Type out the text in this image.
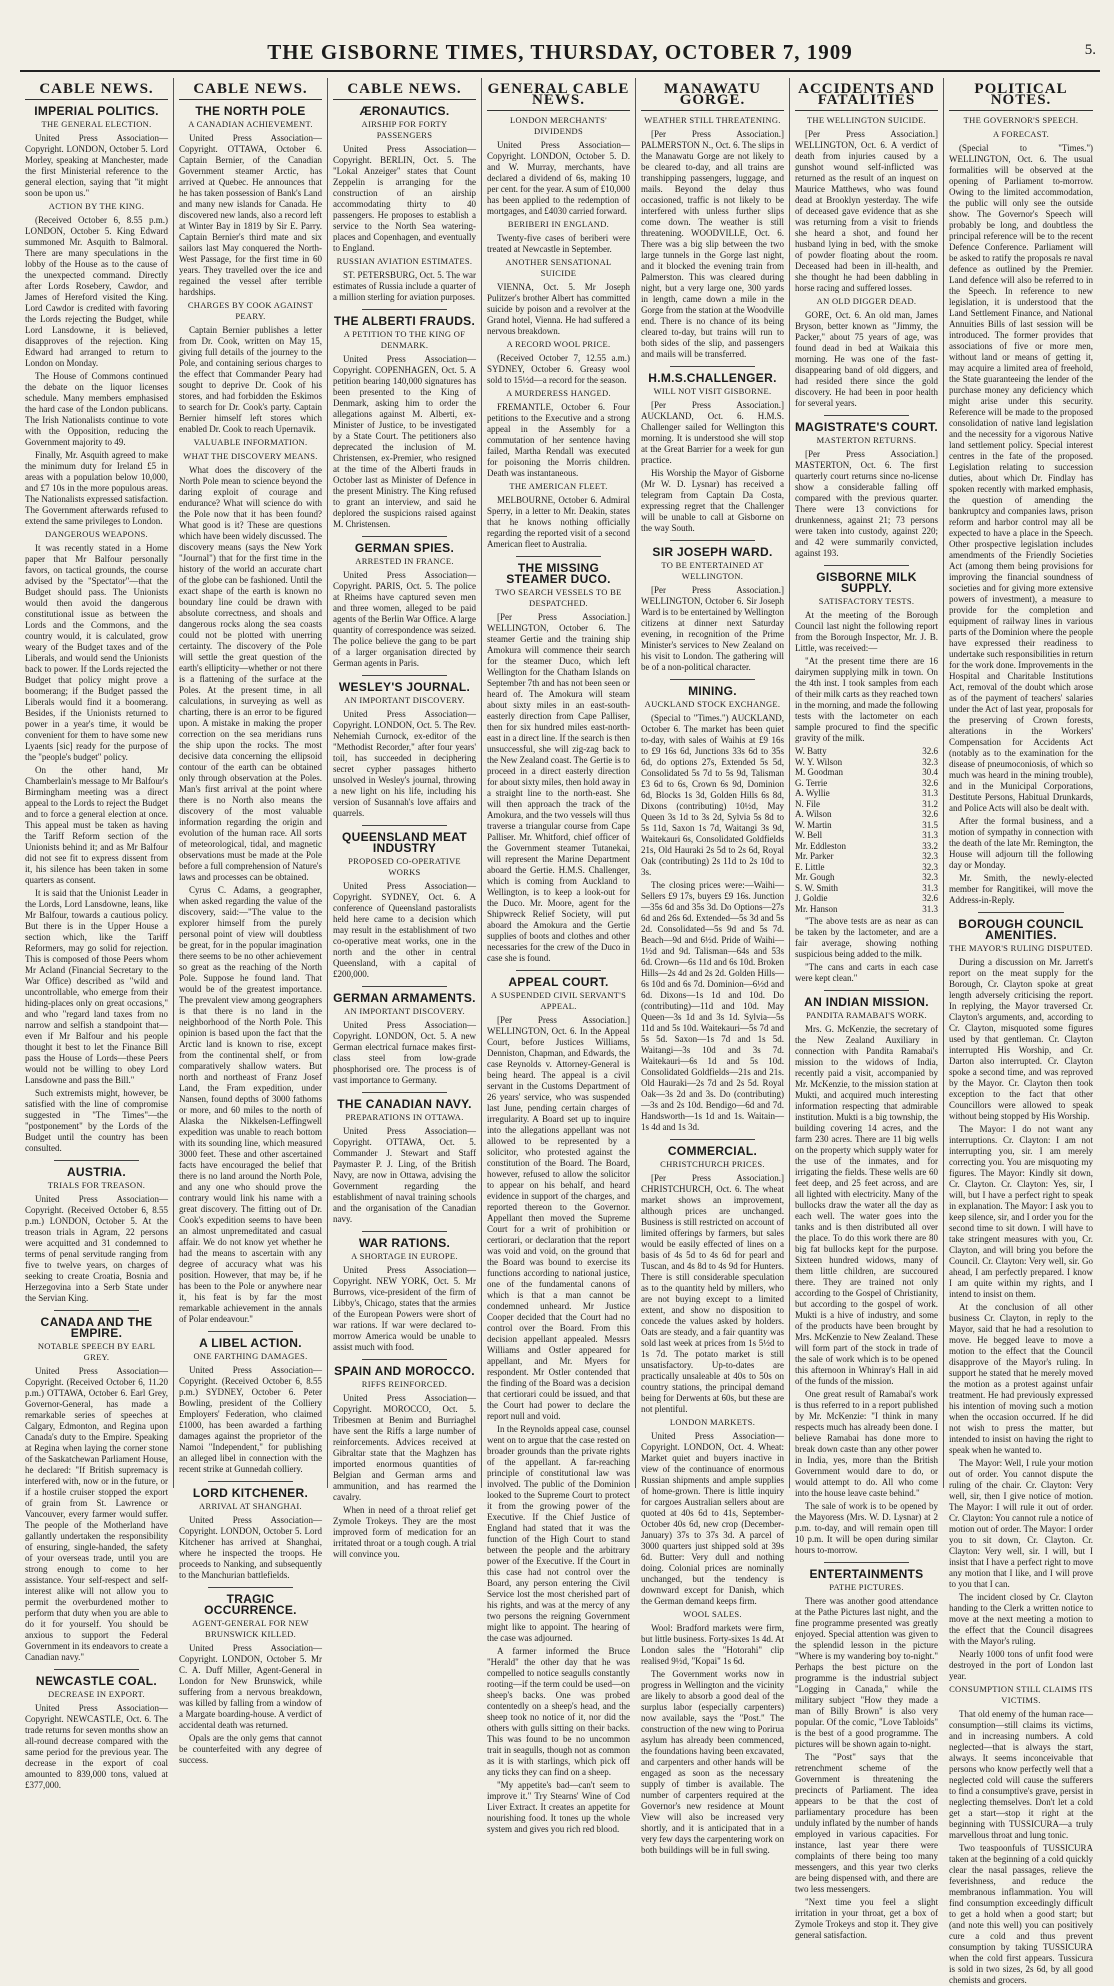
THE GISBORNE TIMES, THURSDAY, OCTOBER 7, 1909	5.
CABLE NEWS.
IMPERIAL POLITICS.
THE GENERAL ELECTION.
United Press Association—Copyright. LONDON, October 5. Lord Morley, speaking at Manchester, made the first Ministerial reference to the general election, saying that "it might soon be upon us."
ACTION BY THE KING.
(Received October 6, 8.55 p.m.) LONDON, October 5. King Edward summoned Mr. Asquith to Balmoral. There are many speculations in the lobby of the House as to the cause of the unexpected command. Directly after Lords Rosebery, Cawdor, and James of Hereford visited the King. Lord Cawdor is credited with favoring the Lords rejecting the Budget, while Lord Lansdowne, it is believed, disapproves of the rejection. King Edward had arranged to return to London on Monday.
The House of Commons continued the debate on the liquor licenses schedule. Many members emphasised the hard case of the London publicans. The Irish Nationalists continue to vote with the Opposition, reducing the Government majority to 49.
Finally, Mr. Asquith agreed to make the minimum duty for Ireland £5 in areas with a population below 10,000, and £7 10s in the more populous areas. The Nationalists expressed satisfaction. The Government afterwards refused to extend the same privileges to London.
DANGEROUS WEAPONS.
It was recently stated in a Home paper that Mr Balfour personally favors, on tactical grounds, the course advised by the "Spectator"—that the Budget should pass. The Unionists would then avoid the dangerous constitutional issue as between the Lords and the Commons, and the country would, it is calculated, grow weary of the Budget taxes and of the Liberals, and would send the Unionists back to power. If the Lords rejected the Budget that policy might prove a boomerang; if the Budget passed the Liberals would find it a boomerang. Besides, if the Unionists returned to power in a year's time, it would be convenient for them to have some new Lyaents [sic] ready for the purpose of the "people's budget" policy.
On the other hand, Mr Chamberlain's message to Mr Balfour's Birmingham meeting was a direct appeal to the Lords to reject the Budget and to force a general election at once. This appeal must be taken as having the Tariff Reform section of the Unionists behind it; and as Mr Balfour did not see fit to express dissent from it, his silence has been taken in some quarters as consent.
It is said that the Unionist Leader in the Lords, Lord Lansdowne, leans, like Mr Balfour, towards a cautious policy. But there is in the Upper House a section which, like the Tariff Reformers, may go solid for rejection. This is composed of those Peers whom Mr Acland (Financial Secretary to the War Office) described as "wild and uncontrollable, who emerge from their hiding-places only on great occasions," and who "regard land taxes from no narrow and selfish a standpoint that—even if Mr Balfour and his people thought it best to let the Finance Bill pass the House of Lords—these Peers would not be willing to obey Lord Lansdowne and pass the Bill."
Such extremists might, however, be satisfied with the line of compromise suggested in "The Times"—the "postponement" by the Lords of the Budget until the country has been consulted.
AUSTRIA.
TRIALS FOR TREASON.
United Press Association—Copyright. (Received October 6, 8.55 p.m.) LONDON, October 5. At the treason trials in Agram, 22 persons were acquitted and 31 condemned to terms of penal servitude ranging from five to twelve years, on charges of seeking to create Croatia, Bosnia and Herzegovina into a Serb State under the Servian King.
CANADA AND THE EMPIRE.
NOTABLE SPEECH BY EARL GREY.
United Press Association—Copyright. (Received October 6, 11.20 p.m.) OTTAWA, October 6. Earl Grey, Governor-General, has made a remarkable series of speeches at Calgary, Edmonton, and Regina upon Canada's duty to the Empire. Speaking at Regina when laying the corner stone of the Saskatchewan Parliament House, he declared: "If British supremacy is interfered with, now or in the future, or if a hostile cruiser stopped the export of grain from St. Lawrence or Vancouver, every farmer would suffer. The people of the Motherland have gallantly undertaken the responsibility of ensuring, single-handed, the safety of your overseas trade, until you are strong enough to come to her assistance. Your self-respect and self-interest alike will not allow you to permit the overburdened mother to perform that duty when you are able to do it for yourself. You should be anxious to support the Federal Government in its endeavors to create a Canadian navy."
NEWCASTLE COAL.
DECREASE IN EXPORT.
United Press Association—Copyright. NEWCASTLE, Oct. 6. The trade returns for seven months show an all-round decrease compared with the same period for the previous year. The decrease in the export of coal amounted to 839,000 tons, valued at £377,000.
CABLE NEWS.
THE NORTH POLE
A CANADIAN ACHIEVEMENT.
United Press Association—Copyright. OTTAWA, October 6. Captain Bernier, of the Canadian Government steamer Arctic, has arrived at Quebec. He announces that he has taken possession of Bank's Land and many new islands for Canada. He discovered new lands, also a record left at Winter Bay in 1819 by Sir E. Parry. Captain Bernier's third mate and six sailors last May conquered the North-West Passage, for the first time in 60 years. They travelled over the ice and regained the vessel after terrible hardships.
CHARGES BY COOK AGAINST PEARY.
Captain Bernier publishes a letter from Dr. Cook, written on May 15, giving full details of the journey to the Pole, and containing serious charges to the effect that Commander Peary had sought to deprive Dr. Cook of his stores, and had forbidden the Eskimos to search for Dr. Cook's party. Captain Bernier himself left stores which enabled Dr. Cook to reach Upernavik.
VALUABLE INFORMATION.
WHAT THE DISCOVERY MEANS.
What does the discovery of the North Pole mean to science beyond the daring exploit of courage and endurance? What will science do with the Pole now that it has been found? What good is it? These are questions which have been widely discussed. The discovery means (says the New York "Journal") that for the first time in the history of the world an accurate chart of the globe can be fashioned. Until the exact shape of the earth is known no boundary line could be drawn with absolute correctness, and shoals and dangerous rocks along the sea coasts could not be plotted with unerring certainty. The discovery of the Pole will settle the great question of the earth's ellipticity—whether or not there is a flattening of the surface at the Poles. At the present time, in all calculations, in surveying as well as charting, there is an error to be figured upon. A mistake in making the proper correction on the sea meridians runs the ship upon the rocks. The most decisive data concerning the ellipsoid contour of the earth can be obtained only through observation at the Poles. Man's first arrival at the point where there is no North also means the discovery of the most valuable information regarding the origin and evolution of the human race. All sorts of meteorological, tidal, and magnetic observations must be made at the Pole before a full comprehension of Nature's laws and processes can be obtained.
Cyrus C. Adams, a geographer, when asked regarding the value of the discovery, said:—"The value to the explorer himself from the purely personal point of view will doubtless be great, for in the popular imagination there seems to be no other achievement so great as the reaching of the North Pole. Suppose he found land. That would be of the greatest importance. The prevalent view among geographers is that there is no land in the neighborhood of the North Pole. This opinion is based upon the fact that the Arctic land is known to rise, except from the continental shelf, or from comparatively shallow waters. But north and northeast of Franz Josef Land, the Fram expedition, under Nansen, found depths of 3000 fathoms or more, and 60 miles to the north of Alaska the Nikkelsen-Leffingwell expedition was unable to reach bottom with its sounding line, which measured 3000 feet. These and other ascertained facts have encouraged the belief that there is no land around the North Pole, and any one who should prove the contrary would link his name with a great discovery. The fitting out of Dr. Cook's expedition seems to have been an almost unpremeditated and casual affair. We do not know yet whether he had the means to ascertain with any degree of accuracy what was his position. However, that may be, if he has been to the Pole or anywhere near it, his feat is by far the most remarkable achievement in the annals of Polar endeavour."
A LIBEL ACTION.
ONE FARTHING DAMAGES.
United Press Association—Copyright. (Received October 6, 8.55 p.m.) SYDNEY, October 6. Peter Bowling, president of the Colliery Employers' Federation, who claimed £1000, has been awarded a farthing damages against the proprietor of the Namoi "Independent," for publishing an alleged libel in connection with the recent strike at Gunnedah colliery.
LORD KITCHENER.
ARRIVAL AT SHANGHAI.
United Press Association—Copyright. LONDON, October 5. Lord Kitchener has arrived at Shanghai, where he inspected the troops. He proceeds to Nanking, and subsequently to the Manchurian battlefields.
TRAGIC OCCURRENCE.
AGENT-GENERAL FOR NEW BRUNSWICK KILLED.
United Press Association—Copyright. LONDON, October 5. Mr C. A. Duff Miller, Agent-General in London for New Brunswick, while suffering from a nervous breakdown, was killed by falling from a window of a Margate boarding-house. A verdict of accidental death was returned.
Opals are the only gems that cannot be counterfeited with any degree of success.
CABLE NEWS.
ÆRONAUTICS.
AIRSHIP FOR FORTY PASSENGERS
United Press Association—Copyright. BERLIN, Oct. 5. The "Lokal Anzeiger" states that Count Zeppelin is arranging for the construction of an airship accommodating thirty to 40 passengers. He proposes to establish a service to the North Sea watering-places and Copenhagen, and eventually to England.
RUSSIAN AVIATION ESTIMATES.
ST. PETERSBURG, Oct. 5. The war estimates of Russia include a quarter of a million sterling for aviation purposes.
THE ALBERTI FRAUDS.
A PETITION TO THE KING OF DENMARK.
United Press Association—Copyright. COPENHAGEN, Oct. 5. A petition bearing 140,000 signatures has been presented to the King of Denmark, asking him to order the allegations against M. Alberti, ex-Minister of Justice, to be investigated by a State Court. The petitioners also deprecated the inclusion of M. Christensen, ex-Premier, who resigned at the time of the Alberti frauds in October last as Minister of Defence in the present Ministry. The King refused to grant an interview, and said he deplored the suspicions raised against M. Christensen.
GERMAN SPIES.
ARRESTED IN FRANCE.
United Press Association—Copyright. PARIS, Oct. 5. The police at Rheims have captured seven men and three women, alleged to be paid agents of the Berlin War Office. A large quantity of correspondence was seized. The police believe the gang to be part of a larger organisation directed by German agents in Paris.
WESLEY'S JOURNAL.
AN IMPORTANT DISCOVERY.
United Press Association—Copyright. LONDON, Oct. 5. The Rev. Nehemiah Curnock, ex-editor of the "Methodist Recorder," after four years' toil, has succeeded in deciphering secret cypher passages hitherto unsolved in Wesley's journal, throwing a new light on his life, including his version of Susannah's love affairs and quarrels.
QUEENSLAND MEAT INDUSTRY
PROPOSED CO-OPERATIVE WORKS
United Press Association—Copyright. SYDNEY, Oct. 6. A conference of Queensland pastoralists held here came to a decision which may result in the establishment of two co-operative meat works, one in the north and the other in central Queensland, with a capital of £200,000.
GERMAN ARMAMENTS.
AN IMPORTANT DISCOVERY.
United Press Association—Copyright. LONDON, Oct. 5. A new German electrical furnace makes first-class steel from low-grade phosphorised ore. The process is of vast importance to Germany.
THE CANADIAN NAVY.
PREPARATIONS IN OTTAWA.
United Press Association—Copyright. OTTAWA, Oct. 5. Commander J. Stewart and Staff Paymaster P. J. Ling, of the British Navy, are now in Ottawa, advising the Government regarding the establishment of naval training schools and the organisation of the Canadian navy.
WAR RATIONS.
A SHORTAGE IN EUROPE.
United Press Association—Copyright. NEW YORK, Oct. 5. Mr Burrows, vice-president of the firm of Libby's, Chicago, states that the armies of the European Powers were short of war rations. If war were declared to-morrow America would be unable to assist much with food.
SPAIN AND MOROCCO.
RIFFS REINFORCED.
United Press Association—Copyright. MOROCCO, Oct. 5. Tribesmen at Benim and Burriaghel have sent the Riffs a large number of reinforcements. Advices received at Gibraltar state that the Maghzen has imported enormous quantities of Belgian and German arms and ammunition, and has rearmed the cavalry.
When in need of a throat relief get Zymole Trokeys. They are the most improved form of medication for an irritated throat or a tough cough. A trial will convince you.
GENERAL CABLE NEWS.
LONDON MERCHANTS' DIVIDENDS
United Press Association—Copyright. LONDON, October 5. D. and W. Murray, merchants, have declared a dividend of 6s, making 10 per cent. for the year. A sum of £10,000 has been applied to the redemption of mortgages, and £4030 carried forward.
BERIBERI IN ENGLAND.
Twenty-five cases of beriberi were treated at Newcastle in September.
ANOTHER SENSATIONAL SUICIDE
VIENNA, Oct. 5. Mr Joseph Pulitzer's brother Albert has committed suicide by poison and a revolver at the Grand hotel, Vienna. He had suffered a nervous breakdown.
A RECORD WOOL PRICE.
(Received October 7, 12.55 a.m.) SYDNEY, October 6. Greasy wool sold to 15½d—a record for the season.
A MURDERESS HANGED.
FREMANTLE, October 6. Four petitions to the Executive and a strong appeal in the Assembly for a commutation of her sentence having failed, Martha Rendall was executed for poisoning the Morris children. Death was instantaneous.
THE AMERICAN FLEET.
MELBOURNE, October 6. Admiral Sperry, in a letter to Mr. Deakin, states that he knows nothing officially regarding the reported visit of a second American fleet to Australia.
THE MISSING STEAMER DUCO.
TWO SEARCH VESSELS TO BE DESPATCHED.
[Per Press Association.] WELLINGTON, October 6. The steamer Gertie and the training ship Amokura will commence their search for the steamer Duco, which left Wellington for the Chatham Islands on September 7th and has not been seen or heard of. The Amokura will steam about sixty miles in an east-south-easterly direction from Cape Palliser, then for six hundred miles east-north-east in a direct line. If the search is then unsuccessful, she will zig-zag back to the New Zealand coast. The Gertie is to proceed in a direct easterly direction for about sixty miles, then hold away in a straight line to the north-east. She will then approach the track of the Amokura, and the two vessels will thus traverse a triangular course from Cape Palliser. Mr. Whitford, chief officer of the Government steamer Tutanekai, will represent the Marine Department aboard the Gertie. H.M.S. Challenger, which is coming from Auckland to Wellington, is to keep a look-out for the Duco. Mr. Moore, agent for the Shipwreck Relief Society, will put aboard the Amokura and the Gertie supplies of boots and clothes and other necessaries for the crew of the Duco in case she is found.
APPEAL COURT.
A SUSPENDED CIVIL SERVANT'S APPEAL.
[Per Press Association.] WELLINGTON, Oct. 6. In the Appeal Court, before Justices Williams, Denniston, Chapman, and Edwards, the case Reynolds v. Attorney-General is being heard. The appeal is a civil servant in the Customs Department of 26 years' service, who was suspended last June, pending certain charges of irregularity. A Board set up to inquire into the allegations appellant was not allowed to be represented by a solicitor, who protested against the constitution of the Board. The Board, however, refused to allow the solicitor to appear on his behalf, and heard evidence in support of the charges, and reported thereon to the Governor. Appellant then moved the Supreme Court for a writ of prohibition or certiorari, or declaration that the report was void and void, on the ground that the Board was bound to exercise its functions according to national justice, one of the fundamental canons of which is that a man cannot be condemned unheard. Mr Justice Cooper decided that the Court had no control over the Board. From this decision appellant appealed. Messrs Williams and Ostler appeared for appellant, and Mr. Myers for respondent. Mr Ostler contended that the finding of the Board was a decision that certiorari could be issued, and that the Court had power to declare the report null and void.
In the Reynolds appeal case, counsel went on to argue that the case rested on broader grounds than the private rights of the appellant. A far-reaching principle of constitutional law was involved. The public of the Dominion looked to the Supreme Court to protect it from the growing power of the Executive. If the Chief Justice of England had stated that it was the function of the High Court to stand between the people and the arbitrary power of the Executive. If the Court in this case had not control over the Board, any person entering the Civil Service lost the most cherished part of his rights, and was at the mercy of any two persons the reigning Government might like to appoint. The hearing of the case was adjourned.
A farmer informed the Bruce "Herald" the other day that he was compelled to notice seagulls constantly rooting—if the term could be used—on sheep's backs. One was probed contentedly on a sheep's head, and the sheep took no notice of it, nor did the others with gulls sitting on their backs. This was found to be no uncommon trait in seagulls, though not as common as it is with starlings, which pick off any ticks they can find on a sheep.
"My appetite's bad—can't seem to improve it." Try Stearns' Wine of Cod Liver Extract. It creates an appetite for nourishing food. It tones up the whole system and gives you rich red blood.
MANAWATU GORGE.
WEATHER STILL THREATENING.
[Per Press Association.] PALMERSTON N., Oct. 6. The slips in the Manawatu Gorge are not likely to be cleared to-day, and all trains are transhipping passengers, luggage, and mails. Beyond the delay thus occasioned, traffic is not likely to be interfered with unless further slips come down. The weather is still threatening. WOODVILLE, Oct. 6. There was a big slip between the two large tunnels in the Gorge last night, and it blocked the evening train from Palmerston. This was cleared during night, but a very large one, 300 yards in length, came down a mile in the Gorge from the station at the Woodville end. There is no chance of its being cleared to-day, but trains will run to both sides of the slip, and passengers and mails will be transferred.
H.M.S.CHALLENGER.
WILL NOT VISIT GISBORNE.
[Per Press Association.] AUCKLAND, Oct. 6. H.M.S. Challenger sailed for Wellington this morning. It is understood she will stop at the Great Barrier for a week for gun practice.
His Worship the Mayor of Gisborne (Mr W. D. Lysnar) has received a telegram from Captain Da Costa, expressing regret that the Challenger will be unable to call at Gisborne on the way South.
SIR JOSEPH WARD.
TO BE ENTERTAINED AT WELLINGTON.
[Per Press Association.] WELLINGTON, October 6. Sir Joseph Ward is to be entertained by Wellington citizens at dinner next Saturday evening, in recognition of the Prime Minister's services to New Zealand on his visit to London. The gathering will be of a non-political character.
MINING.
AUCKLAND STOCK EXCHANGE.
(Special to "Times.") AUCKLAND, October 6. The market has been quiet to-day, with sales of Waihis at £9 16s to £9 16s 6d, Junctions 33s 6d to 35s 6d, do options 27s, Extended 5s 5d, Consolidated 5s 7d to 5s 9d, Talisman £3 6d to 6s, Crown 6s 9d, Dominion 6d, Blocks 1s 3d, Golden Hills 6s 8d, Dixons (contributing) 10½d, May Queen 3s 1d to 3s 2d, Sylvia 5s 8d to 5s 11d, Saxon 1s 7d, Waitangi 3s 9d, Waitekauri 6s, Consolidated Goldfields 21s, Old Hauraki 2s 5d to 2s 6d, Royal Oak (contributing) 2s 11d to 2s 10d to 3s.
The closing prices were:—Waihi—Sellers £9 17s, buyers £9 16s. Junction—35s 6d and 35s 3d. Do Options—27s 6d and 26s 6d. Extended—5s 3d and 5s 2d. Consolidated—5s 9d and 5s 7d. Beach—9d and 6½d. Pride of Waihi—1½d and 9d. Talisman—64s and 53s 6d. Crown—6s 11d and 6s 10d. Broken Hills—2s 4d and 2s 2d. Golden Hills—6s 10d and 6s 7d. Dominion—6½d and 6d. Dixons—1s 1d and 10d. Do (contributing)—11d and 10d. May Queen—3s 1d and 3s 1d. Sylvia—5s 11d and 5s 10d. Waitekauri—5s 7d and 5s 5d. Saxon—1s 7d and 1s 5d. Waitangi—3s 10d and 3s 7d. Waitekauri—6s 1d and 5s 10d. Consolidated Goldfields—21s and 21s. Old Hauraki—2s 7d and 2s 5d. Royal Oak—3s 2d and 3s. Do (contributing)—3s and 2s 10d. Bendigo—6d and 7d. Handsworth—1s 1d and 1s. Waitain—1s 4d and 1s 3d.
COMMERCIAL.
CHRISTCHURCH PRICES.
[Per Press Association.] CHRISTCHURCH, Oct. 6. The wheat market shows an improvement, although prices are unchanged. Business is still restricted on account of limited offerings by farmers, but sales would be easily effected of lines on a basis of 4s 5d to 4s 6d for pearl and Tuscan, and 4s 8d to 4s 9d for Hunters. There is still considerable speculation as to the quantity held by millers, who are not buying except to a limited extent, and show no disposition to concede the values asked by holders. Oats are steady, and a fair quantity was sold last week at prices from 1s 5½d to 1s 7d. The potato market is still unsatisfactory. Up-to-dates are practically unsaleable at 40s to 50s on country stations, the principal demand being for Derwents at 60s, but these are not plentiful.
LONDON MARKETS.
United Press Association—Copyright. LONDON, Oct. 4. Wheat: Market quiet and buyers inactive in view of the continuance of enormous Russian shipments and ample supplies of home-grown. There is little inquiry for cargoes Australian sellers about are quoted at 40s 6d to 41s, September-October 40s 6d, new crop (December-January) 37s to 37s 3d. A parcel of 3000 quarters just shipped sold at 39s 6d. Butter: Very dull and nothing doing. Colonial prices are nominally unchanged, but the tendency is downward except for Danish, which the German demand keeps firm.
WOOL SALES.
Wool: Bradford markets were firm, but little business. Forty-sixes 1s 4d. At London sales the "Hotorahi" clip realised 9½d, "Kopai" 1s 6d.
The Government works now in progress in Wellington and the vicinity are likely to absorb a good deal of the surplus labor (especially carpenters) now available, says the "Post." The construction of the new wing to Porirua asylum has already been commenced, the foundations having been excavated, and carpenters and other hands will be engaged as soon as the necessary supply of timber is available. The number of carpenters required at the Governor's new residence at Mount View will also be increased very shortly, and it is anticipated that in a very few days the carpentering work on both buildings will be in full swing.
ACCIDENTS AND FATALITIES
THE WELLINGTON SUICIDE.
[Per Press Association.] WELLINGTON, Oct. 6. A verdict of death from injuries caused by a gunshot wound self-inflicted was returned as the result of an inquest on Maurice Matthews, who was found dead at Brooklyn yesterday. The wife of deceased gave evidence that as she was returning from a visit to friends she heard a shot, and found her husband lying in bed, with the smoke of powder floating about the room. Deceased had been in ill-health, and she thought he had been dabbling in horse racing and suffered losses.
AN OLD DIGGER DEAD.
GORE, Oct. 6. An old man, James Bryson, better known as "Jimmy, the Packer," about 75 years of age, was found dead in bed at Waikaia this morning. He was one of the fast-disappearing band of old diggers, and had resided there since the gold discovery. He had been in poor health for several years.
MAGISTRATE'S COURT.
MASTERTON RETURNS.
[Per Press Association.] MASTERTON, Oct. 6. The first quarterly court returns since no-license show a considerable falling off compared with the previous quarter. There were 13 convictions for drunkenness, against 21; 73 persons were taken into custody, against 220; and 42 were summarily convicted, against 193.
GISBORNE MILK SUPPLY.
SATISFACTORY TESTS.
At the meeting of the Borough Council last night the following report from the Borough Inspector, Mr. J. B. Little, was received:—
"At the present time there are 16 dairymen supplying milk in town. On the 4th inst. I took samples from each of their milk carts as they reached town in the morning, and made the following tests with the lactometer on each sample procured to find the specific gravity of the milk.
W. Batty	32.6
W. Y. Wilson	32.3
M. Goodman	30.4
G. Terrie	32.6
A. Wyllie	31.3
N. File	31.2
A. Wilson	32.6
W. Martin	31.5
W. Bell	31.3
Mr. Eddleston	33.2
Mr. Parker	32.3
E. Little	32.3
Mr. Gough	32.3
S. W. Smith	31.3
J. Goldie	32.6
Mr. Hanson	31.3
"The above tests are as near as can be taken by the lactometer, and are a fair average, showing nothing suspicious being added to the milk.
"The cans and carts in each case were kept clean."
AN INDIAN MISSION.
PANDITA RAMABAI'S WORK.
Mrs. G. McKenzie, the secretary of the New Zealand Auxiliary in connection with Pandita Ramabai's mission to the widows of India, recently paid a visit, accompanied by Mr. McKenzie, to the mission station at Mukti, and acquired much interesting information respecting that admirable institution. Mukti is a big township, the building covering 14 acres, and the farm 230 acres. There are 11 big wells on the property which supply water for the use of the inmates, and for irrigating the fields. These wells are 60 feet deep, and 25 feet across, and are all lighted with electricity. Many of the bullocks draw the water all the day as each well. The water goes into the tanks and is then distributed all over the place. To do this work there are 80 big fat bullocks kept for the purpose. Sixteen hundred widows, many of them little children, are succoured there. They are trained not only according to the Gospel of Christianity, but according to the gospel of work. Mukti is a hive of industry, and some of the products have been brought by Mrs. McKenzie to New Zealand. These will form part of the stock in trade of the sale of work which is to be opened this afternoon in Whinray's Hall in aid of the funds of the mission.
One great result of Ramabai's work is thus referred to in a report published by Mr. McKenzie: "I think in many respects much has already been done. I believe Ramabai has done more to break down caste than any other power in India, yes, more than the British Government would dare to do, or would attempt to do. All who come into the house leave caste behind."
The sale of work is to be opened by the Mayoress (Mrs. W. D. Lysnar) at 2 p.m. to-day, and will remain open till 10 p.m. It will be open during similar hours to-morrow.
ENTERTAINMENTS
PATHE PICTURES.
There was another good attendance at the Pathe Pictures last night, and the fine programme presented was greatly enjoyed. Special attention was given to the splendid lesson in the picture "Where is my wandering boy to-night." Perhaps the best picture on the programme is the industrial subject "Logging in Canada," while the military subject "How they made a man of Billy Brown" is also very popular. Of the comic, "Love Tabloids" is the best of a good programme. The pictures will be shown again to-night.
The "Post" says that the retrenchment scheme of the Government is threatening the precincts of Parliament. The idea appears to be that the cost of parliamentary procedure has been unduly inflated by the number of hands employed in various capacities. For instance, last year there were complaints of there being too many messengers, and this year two clerks are being dispensed with, and there are two less messengers.
"Next time you feel a slight irritation in your throat, get a box of Zymole Trokeys and stop it. They give general satisfaction.
POLITICAL NOTES.
THE GOVERNOR'S SPEECH.
A FORECAST.
(Special to "Times.") WELLINGTON, Oct. 6. The usual formalities will be observed at the opening of Parliament to-morrow. Owing to the limited accommodation, the public will only see the outside show. The Governor's Speech will probably be long, and doubtless the principal reference will be to the recent Defence Conference. Parliament will be asked to ratify the proposals re naval defence as outlined by the Premier. Land defence will also be referred to in the Speech. In reference to new legislation, it is understood that the Land Settlement Finance, and National Annuities Bills of last session will be introduced. The former provides that associations of five or more men, without land or means of getting it, may acquire a limited area of freehold, the State guaranteeing the lender of the purchase money any deficiency which might arise under this security. Reference will be made to the proposed consolidation of native land legislation and the necessity for a vigorous Native land settlement policy. Special interest centres in the fate of the proposed. Legislation relating to succession duties, about which Dr. Findlay has spoken recently with marked emphasis, the question of amending the bankruptcy and companies laws, prison reform and harbor control may all be expected to have a place in the Speech. Other prospective legislation includes amendments of the Friendly Societies Act (among them being provisions for improving the financial soundness of societies and for giving more extensive powers of investment), a measure to provide for the completion and equipment of railway lines in various parts of the Dominion where the people have expressed their readiness to undertake such responsibilities in return for the work done. Improvements in the Hospital and Charitable Institutions Act, removal of the doubt which arose as of the payment of teachers' salaries under the Act of last year, proposals for the preserving of Crown forests, alterations in the Workers' Compensation for Accidents Act (notably as to the examination for the disease of pneumoconiosis, of which so much was heard in the mining trouble), and in the Municipal Corporations, Destitute Persons, Habitual Drunkards, and Police Acts will also be dealt with.
After the formal business, and a motion of sympathy in connection with the death of the late Mr. Remington, the House will adjourn till the following day or Monday.
Mr. Smith, the newly-elected member for Rangitikei, will move the Address-in-Reply.
BOROUGH COUNCIL AMENITIES.
THE MAYOR'S RULING DISPUTED.
During a discussion on Mr. Jarrett's report on the meat supply for the Borough, Cr. Clayton spoke at great length adversely criticising the report. In replying, the Mayor traversed Cr. Clayton's arguments, and, according to Cr. Clayton, misquoted some figures used by that gentleman. Cr. Clayton interrupted His Worship, and Cr. Darton also interrupted. Cr. Clayton spoke a second time, and was reproved by the Mayor. Cr. Clayton then took exception to the fact that other Councillors were allowed to speak without being stopped by His Worship.
The Mayor: I do not want any interruptions. Cr. Clayton: I am not interrupting you, sir. I am merely correcting you. You are misquoting my figures. The Mayor: Kindly sit down, Cr. Clayton. Cr. Clayton: Yes, sir, I will, but I have a perfect right to speak in explanation. The Mayor: I ask you to keep silence, sir, and I order you for the second time to sit down. I will have to take stringent measures with you, Cr. Clayton, and will bring you before the Council. Cr. Clayton: Very well, sir. Go ahead, I am perfectly prepared. I know I am quite within my rights, and I intend to insist on them.
At the conclusion of all other business Cr. Clayton, in reply to the Mayor, said that he had a resolution to move. He begged leave to move a motion to the effect that the Council disapprove of the Mayor's ruling. In support he stated that he merely moved the motion as a protest against unfair treatment. He had previously expressed his intention of moving such a motion when the occasion occurred. If he did not wish to press the matter, but intended to insist on having the right to speak when he wanted to.
The Mayor: Well, I rule your motion out of order. You cannot dispute the ruling of the chair. Cr. Clayton: Very well, sir, then I give notice of motion. The Mayor: I will rule it out of order. Cr. Clayton: You cannot rule a notice of motion out of order. The Mayor: I order you to sit down, Cr. Clayton. Cr. Clayton: Very well, sir. I will, but I insist that I have a perfect right to move any motion that I like, and I will prove to you that I can.
The incident closed by Cr. Clayton handing to the Clerk a written notice to move at the next meeting a motion to the effect that the Council disagrees with the Mayor's ruling.
Nearly 1000 tons of unfit food were destroyed in the port of London last year.
CONSUMPTION STILL CLAIMS ITS VICTIMS.
That old enemy of the human race—consumption—still claims its victims, and in increasing numbers. A cold neglected—that is always the start, always. It seems inconceivable that persons who know perfectly well that a neglected cold will cause the sufferers to find a consumptive's grave, persist in neglecting themselves. Don't let a cold get a start—stop it right at the beginning with TUSSICURA—a truly marvellous throat and lung tonic.
Two teaspoonfuls of TUSSICURA taken at the beginning of a cold quickly clear the nasal passages, relieve the feverishness, and reduce the membranous inflammation. You will find consumption exceedingly difficult to get a hold when a good start; but (and note this well) you can positively cure a cold and thus prevent consumption by taking TUSSICURA when the cold first appears. Tussicura is sold in two sizes, 2s 6d, by all good chemists and grocers.
